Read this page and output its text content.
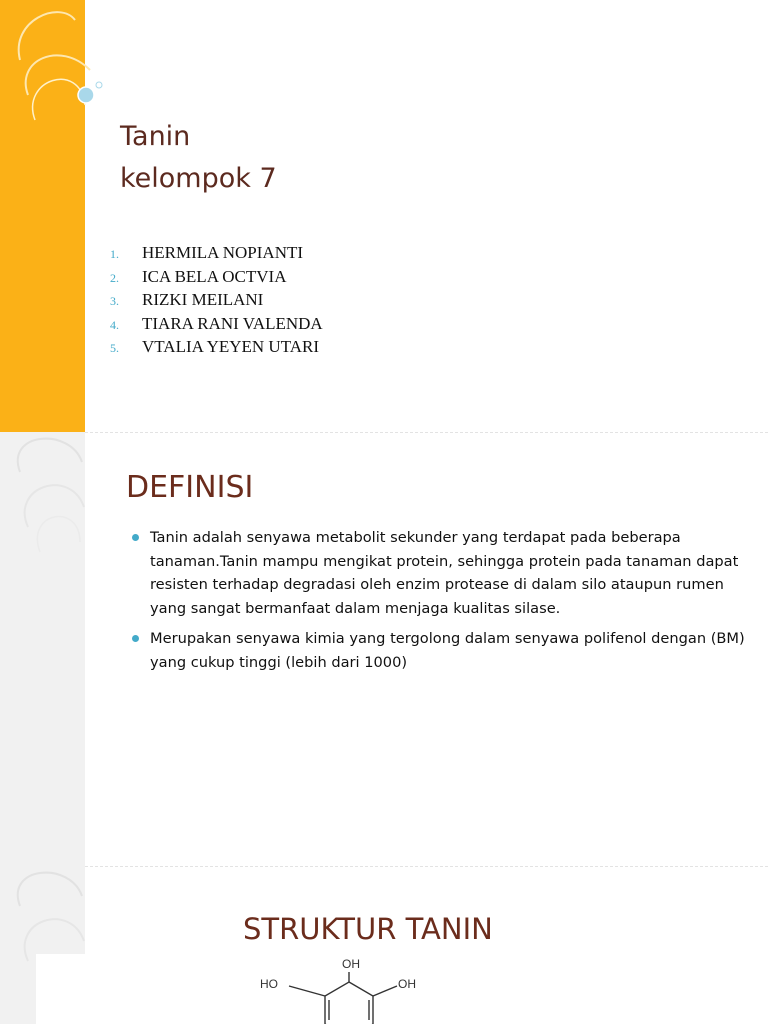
Tanin
kelompok 7
1.	HERMILA NOPIANTI
2.	ICA BELA OCTVIA
3.	RIZKI MEILANI
4.	TIARA RANI VALENDA
5.	VTALIA YEYEN UTARI
DEFINISI
Tanin adalah senyawa metabolit sekunder yang terdapat pada beberapa tanaman.Tanin mampu mengikat protein, sehingga protein pada tanaman dapat resisten terhadap degradasi oleh enzim protease di dalam silo ataupun rumen yang sangat bermanfaat dalam menjaga kualitas silase.
Merupakan senyawa kimia yang tergolong dalam senyawa polifenol dengan (BM) yang cukup tinggi (lebih dari 1000)
STRUKTUR TANIN
OH
HO	OH
